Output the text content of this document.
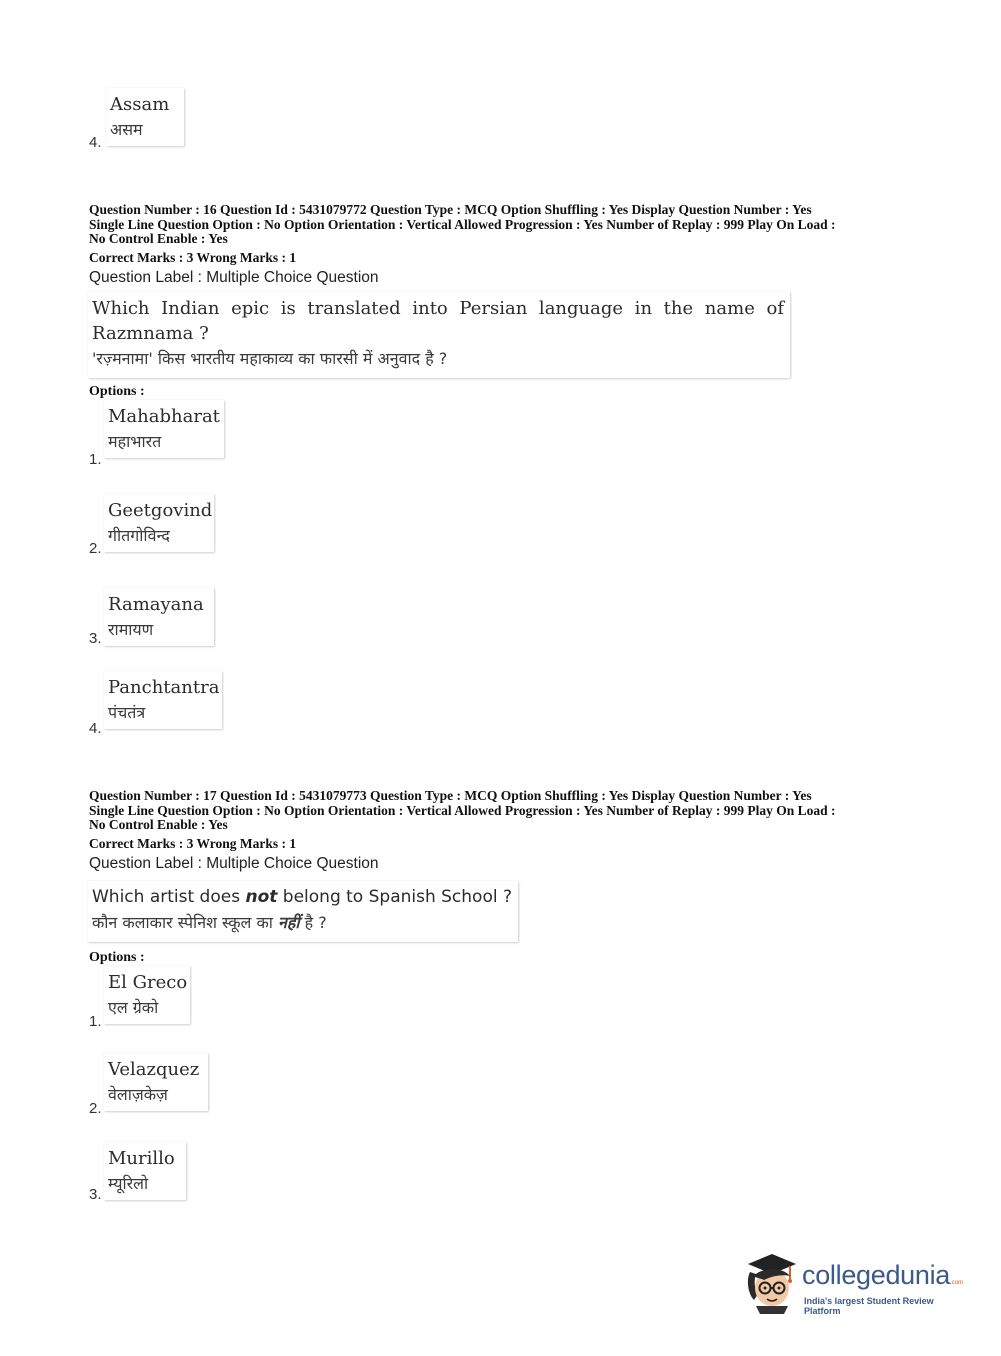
Assam
असम
4.
Question Number : 16 Question Id : 5431079772 Question Type : MCQ Option Shuffling : Yes Display Question Number : Yes
Single Line Question Option : No Option Orientation : Vertical Allowed Progression : Yes Number of Replay : 999 Play On Load :
No Control Enable : Yes
Correct Marks : 3 Wrong Marks : 1
Question Label : Multiple Choice Question
Which Indian epic is translated into Persian language in the name of Razmnama ?
'रज़्मनामा' किस भारतीय महाकाव्य का फारसी में अनुवाद है ?
Options :
Mahabharat
महाभारत
1.
Geetgovind
गीतगोविन्द
2.
Ramayana
रामायण
3.
Panchtantra
पंचतंत्र
4.
Question Number : 17 Question Id : 5431079773 Question Type : MCQ Option Shuffling : Yes Display Question Number : Yes
Single Line Question Option : No Option Orientation : Vertical Allowed Progression : Yes Number of Replay : 999 Play On Load :
No Control Enable : Yes
Correct Marks : 3 Wrong Marks : 1
Question Label : Multiple Choice Question
Which artist does not belong to Spanish School ?
कौन कलाकार स्पेनिश स्कूल का नहीं है ?
Options :
El Greco
एल ग्रेको
1.
Velazquez
वेलाज़केज़
2.
Murillo
म्यूरिलो
3.
collegedunia.com
India's largest Student Review Platform
